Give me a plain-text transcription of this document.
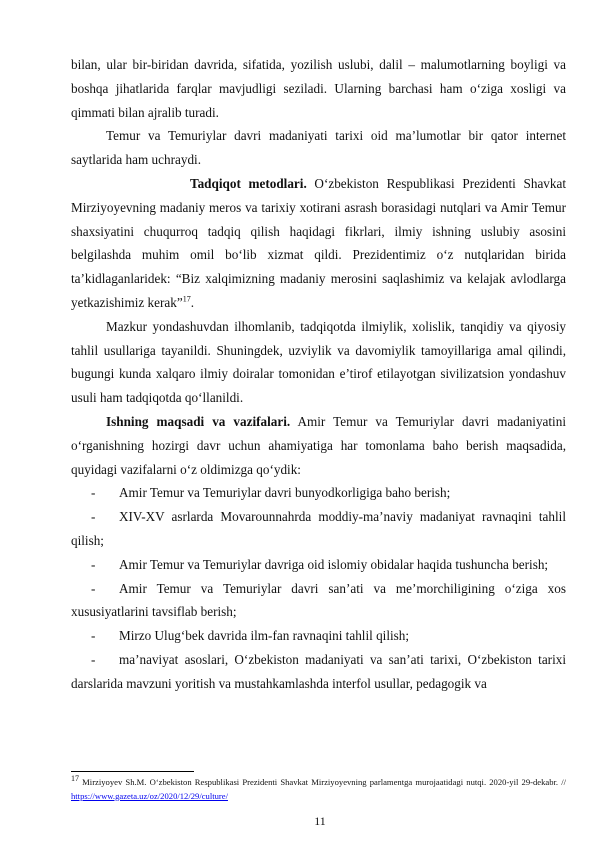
bilan, ular bir-biridan davrida, sifatida, yozilish uslubi, dalil – malumotlarning boyligi va boshqa jihatlarida farqlar mavjudligi seziladi. Ularning barchasi ham o‘ziga xosligi va qimmati bilan ajralib turadi.

Temur va Temuriylar davri madaniyati tarixi oid ma’lumotlar bir qator internet saytlarida ham uchraydi.

Tadqiqot metodlari. O‘zbekiston Respublikasi Prezidenti Shavkat Mirziyoyevning madaniy meros va tarixiy xotirani asrash borasidagi nutqlari va Amir Temur shaxsiyatini chuqurroq tadqiq qilish haqidagi fikrlari, ilmiy ishning uslubiy asosini belgilashda muhim omil bo‘lib xizmat qildi. Prezidentimiz o‘z nutqlaridan birida ta’kidlaganlaridek: “Biz xalqimizning madaniy merosini saqlashimiz va kelajak avlodlarga yetkazishimiz kerak”$^{17}$.

Mazkur yondashuvdan ilhomlanib, tadqiqotda ilmiylik, xolislik, tanqidiy va qiyosiy tahlil usullariga tayanildi. Shuningdek, uzviylik va davomiylik tamoyillariga amal qilindi, bugungi kunda xalqaro ilmiy doiralar tomonidan e’tirof etilayotgan sivilizatsion yondashuv usuli ham tadqiqotda qo‘llanildi.

Ishning maqsadi va vazifalari. Amir Temur va Temuriylar davri madaniyatini o‘rganishning hozirgi davr uchun ahamiyatiga har tomonlama baho berish maqsadida, quyidagi vazifalarni o‘z oldimizga qo‘ydik:

- Amir Temur va Temuriylar davri bunyodkorligiga baho berish;

- XIV-XV asrlarda Movarounnahrda moddiy-ma’naviy madaniyat ravnaqini tahlil qilish;

- Amir Temur va Temuriylar davriga oid islomiy obidalar haqida tushuncha berish;

- Amir Temur va Temuriylar davri san’ati va me’morchiligining o‘ziga xos xususiyatlarini tavsiflab berish;

- Mirzo Ulug‘bek davrida ilm-fan ravnaqini tahlil qilish;

- ma’naviyat asoslari, O‘zbekiston madaniyati va san’ati tarixi, O‘zbekiston tarixi darslarida mavzuni yoritish va mustahkamlashda interfol usullar, pedagogik va

$^{17}$ Mirziyoyev Sh.M. O‘zbekiston Respublikasi Prezidenti Shavkat Mirziyoyevning parlamentga murojaatidagi nutqi. 2020-yil 29-dekabr. // https://www.gazeta.uz/oz/2020/12/29/culture/
11
